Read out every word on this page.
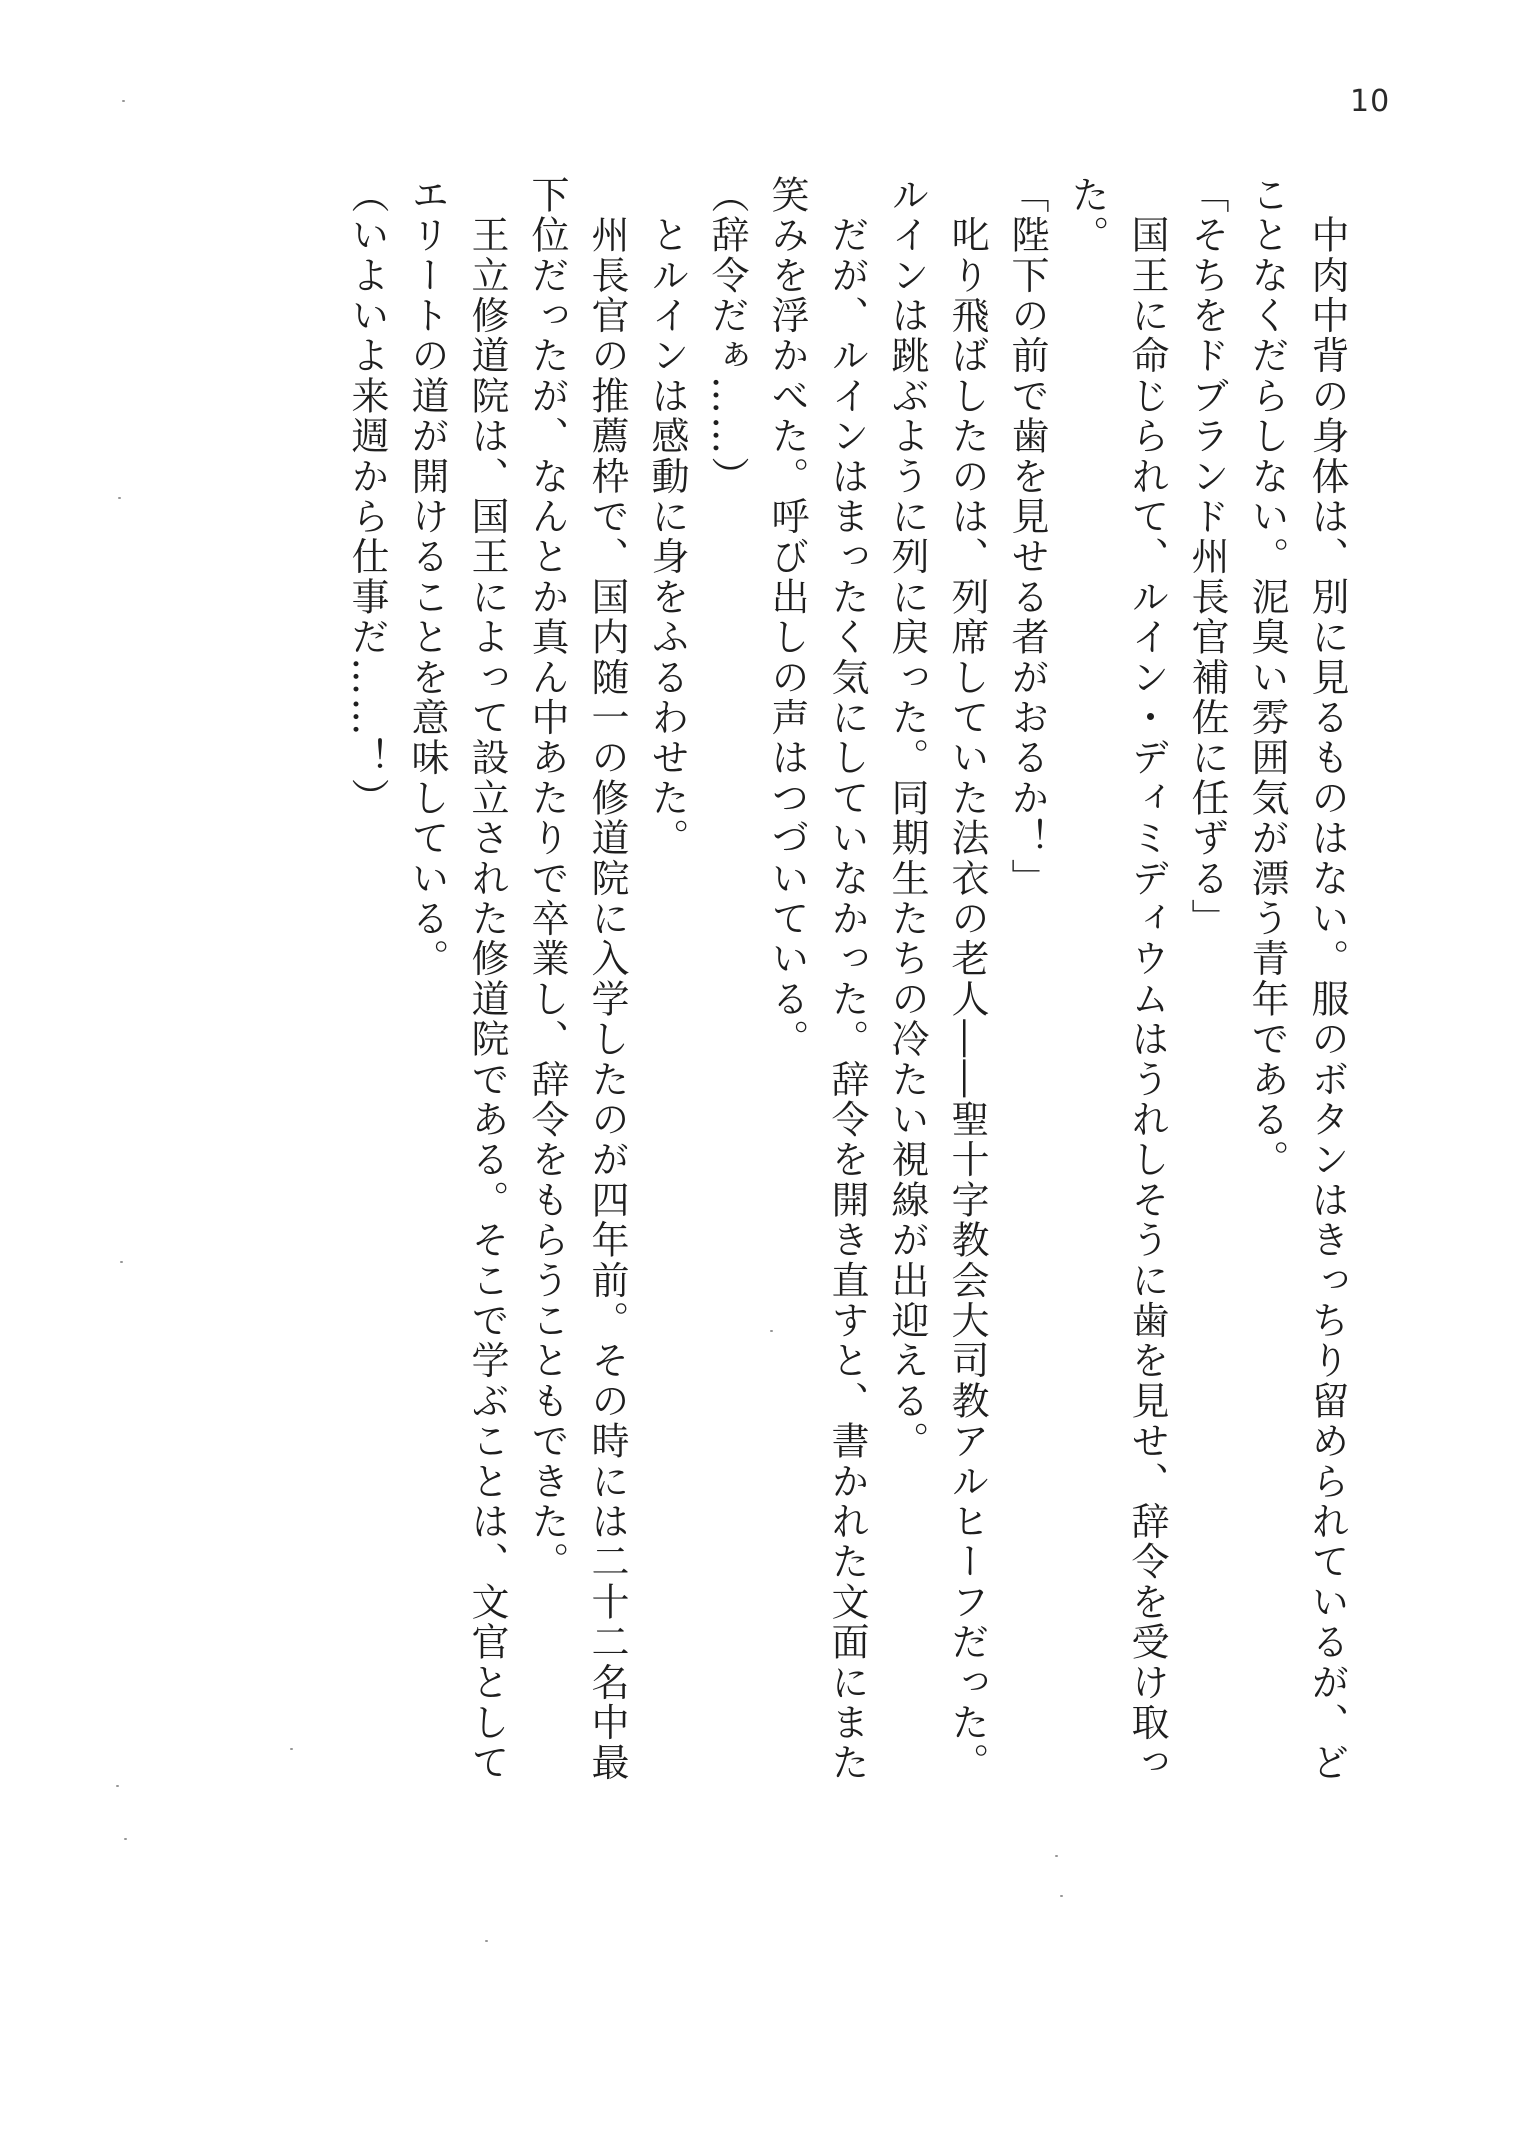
10

　中肉中背の身体は、別に見るものはない。服のボタンはきっちり留められているが、ど

ことなくだらしない。泥臭い雰囲気が漂う青年である。

「そちをドブランド州長官補佐に任ずる」

　国王に命じられて、ルイン・ディミディウムはうれしそうに歯を見せ、辞令を受け取っ

た。

「陛下の前で歯を見せる者がおるか！」

　叱り飛ばしたのは、列席していた法衣の老人――聖十字教会大司教アルヒーフだった。

ルインは跳ぶように列に戻った。同期生たちの冷たい視線が出迎える。

　だが、ルインはまったく気にしていなかった。辞令を開き直すと、書かれた文面にまた

笑みを浮かべた。呼び出しの声はつづいている。

（辞令だぁ……）

　とルインは感動に身をふるわせた。

　州長官の推薦枠で、国内随一の修道院に入学したのが四年前。その時には二十二名中最

下位だったが、なんとか真ん中あたりで卒業し、辞令をもらうこともできた。

　王立修道院は、国王によって設立された修道院である。そこで学ぶことは、文官として

エリートの道が開けることを意味している。

（いよいよ来週から仕事だ……！）
